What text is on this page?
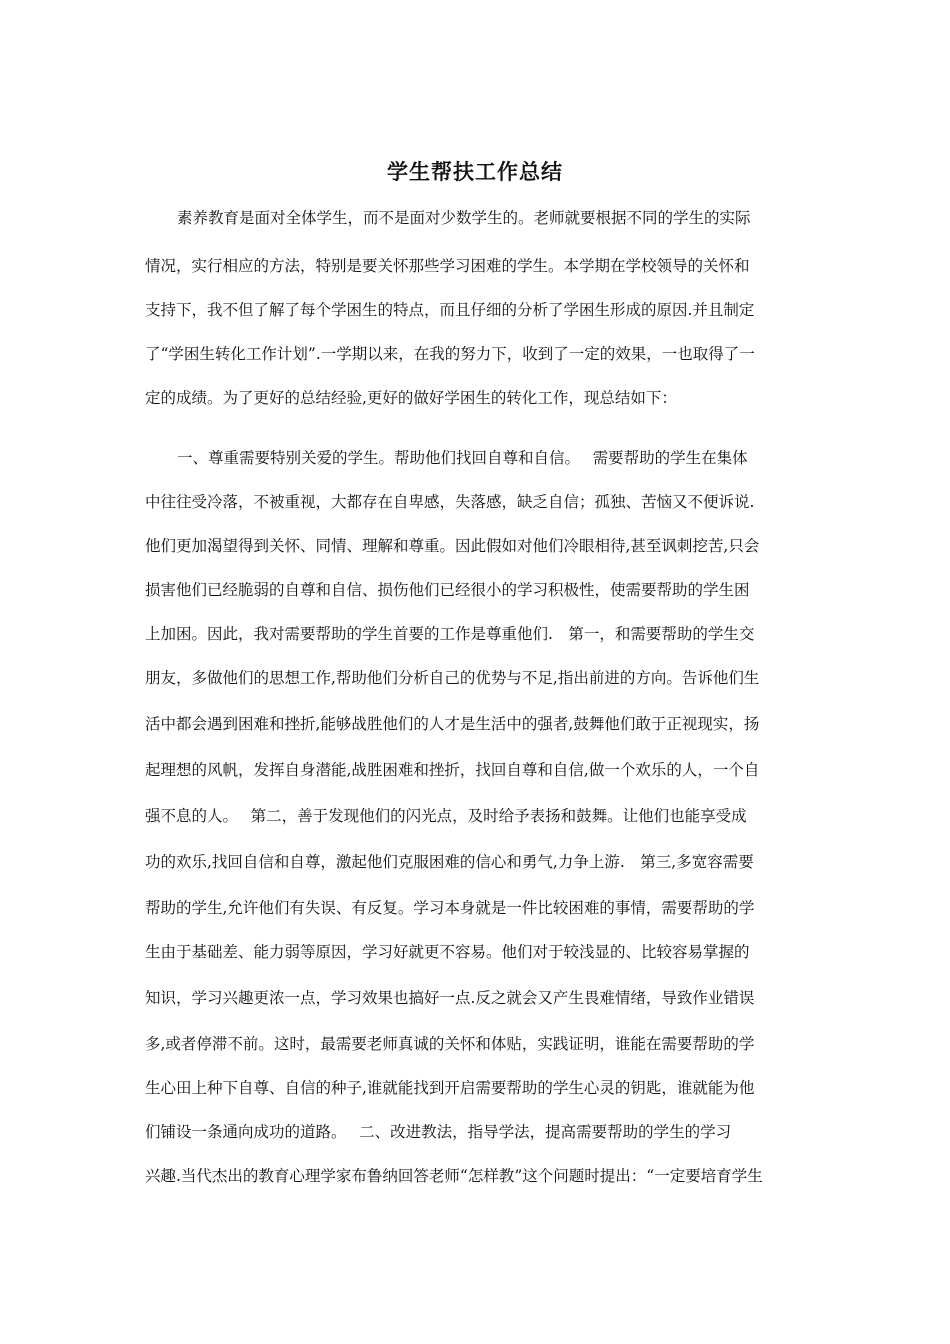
学生帮扶工作总结
素养教育是面对全体学生，而不是面对少数学生的。老师就要根据不同的学生的实际
情况，实行相应的方法，特别是要关怀那些学习困难的学生。本学期在学校领导的关怀和
支持下，我不但了解了每个学困生的特点，而且仔细的分析了学困生形成的原因.并且制定
了“学困生转化工作计划”.一学期以来，在我的努力下，收到了一定的效果，一也取得了一
定的成绩。为了更好的总结经验,更好的做好学困生的转化工作，现总结如下：
一、尊重需要特别关爱的学生。帮助他们找回自尊和自信。　 需要帮助的学生在集体
中往往受冷落，不被重视，大都存在自卑感，失落感，缺乏自信；孤独、苦恼又不便诉说.
他们更加渴望得到关怀、同情、理解和尊重。因此假如对他们冷眼相待,甚至讽刺挖苦,只会
损害他们已经脆弱的自尊和自信、损伤他们已经很小的学习积极性，使需要帮助的学生困
上加困。因此，我对需要帮助的学生首要的工作是尊重他们.　第一，和需要帮助的学生交
朋友，多做他们的思想工作,帮助他们分析自己的优势与不足,指出前进的方向。告诉他们生
活中都会遇到困难和挫折,能够战胜他们的人才是生活中的强者,鼓舞他们敢于正视现实，扬
起理想的风帆，发挥自身潜能,战胜困难和挫折，找回自尊和自信,做一个欢乐的人，一个自
强不息的人。　 第二，善于发现他们的闪光点，及时给予表扬和鼓舞。让他们也能享受成
功的欢乐,找回自信和自尊，激起他们克服困难的信心和勇气,力争上游.　第三,多宽容需要
帮助的学生,允许他们有失误、有反复。学习本身就是一件比较困难的事情，需要帮助的学
生由于基础差、能力弱等原因，学习好就更不容易。他们对于较浅显的、比较容易掌握的
知识，学习兴趣更浓一点，学习效果也搞好一点.反之就会又产生畏难情绪，导致作业错误
多,或者停滞不前。这时，最需要老师真诚的关怀和体贴，实践证明，谁能在需要帮助的学
生心田上种下自尊、自信的种子,谁就能找到开启需要帮助的学生心灵的钥匙，谁就能为他
们铺设一条通向成功的道路。　 二、改进教法，指导学法，提高需要帮助的学生的学习
兴趣.当代杰出的教育心理学家布鲁纳回答老师“怎样教”这个问题时提出：“一定要培育学生
